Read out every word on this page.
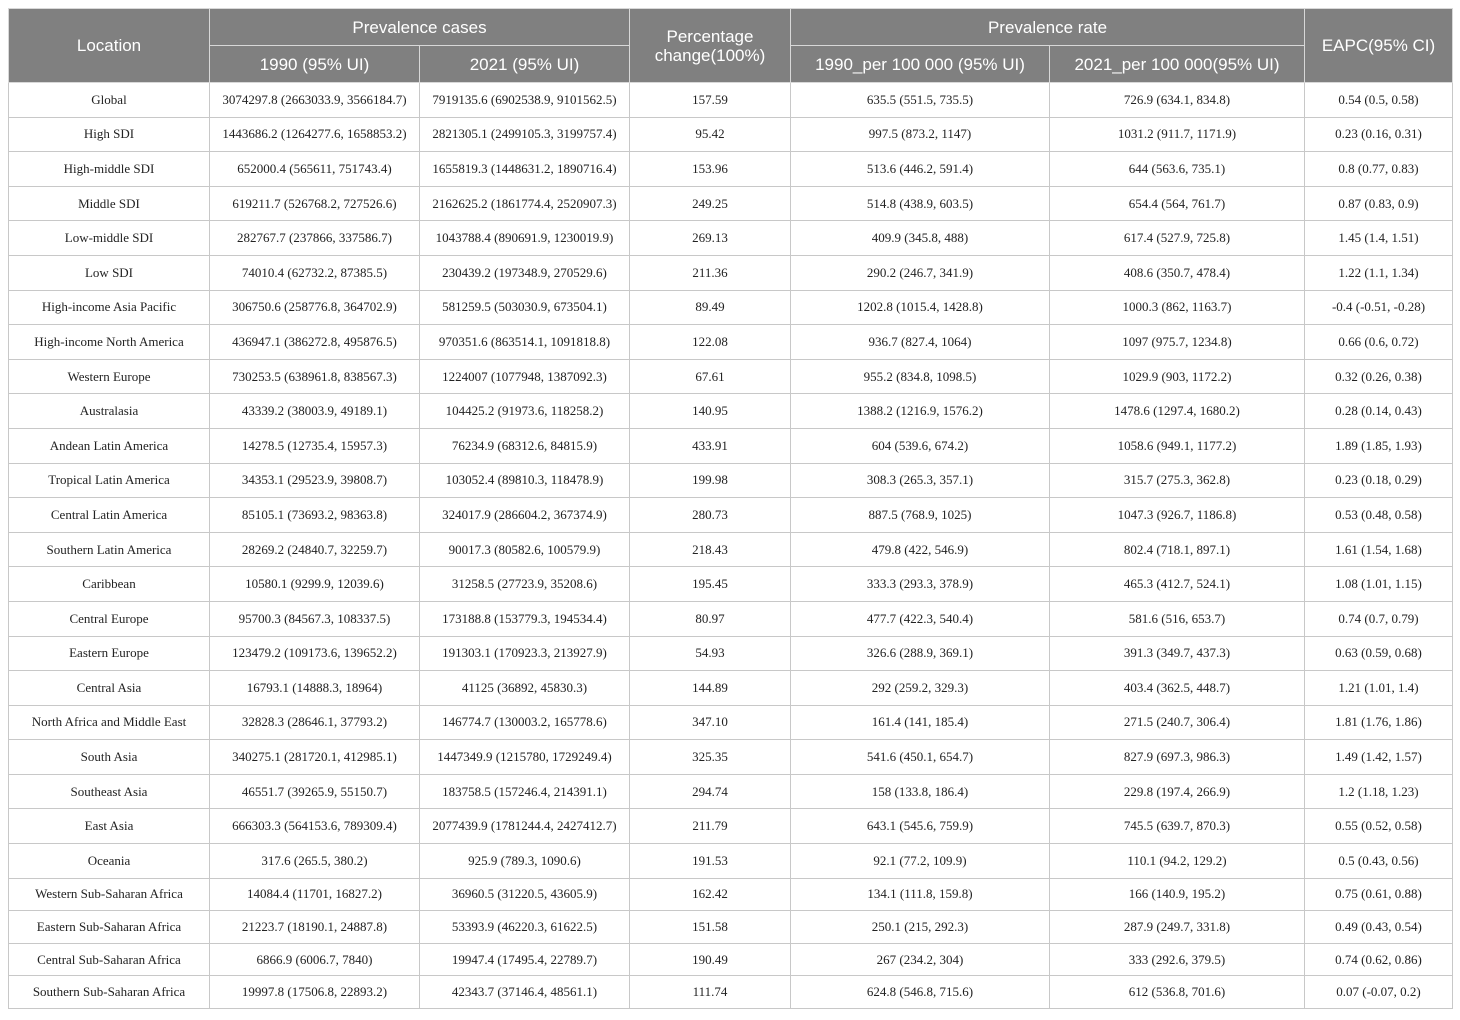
Location	Prevalence cases		Percentage change(100%)	Prevalence rate		EAPC(95% CI)
	1990 (95% UI)	2021 (95% UI)		1990_per 100 000 (95% UI)	2021_per 100 000(95% UI)	
Global	3074297.8 (2663033.9, 3566184.7)	7919135.6 (6902538.9, 9101562.5)	157.59	635.5 (551.5, 735.5)	726.9 (634.1, 834.8)	0.54 (0.5, 0.58)
High SDI	1443686.2 (1264277.6, 1658853.2)	2821305.1 (2499105.3, 3199757.4)	95.42	997.5 (873.2, 1147)	1031.2 (911.7, 1171.9)	0.23 (0.16, 0.31)
High-middle SDI	652000.4 (565611, 751743.4)	1655819.3 (1448631.2, 1890716.4)	153.96	513.6 (446.2, 591.4)	644 (563.6, 735.1)	0.8 (0.77, 0.83)
Middle SDI	619211.7 (526768.2, 727526.6)	2162625.2 (1861774.4, 2520907.3)	249.25	514.8 (438.9, 603.5)	654.4 (564, 761.7)	0.87 (0.83, 0.9)
Low-middle SDI	282767.7 (237866, 337586.7)	1043788.4 (890691.9, 1230019.9)	269.13	409.9 (345.8, 488)	617.4 (527.9, 725.8)	1.45 (1.4, 1.51)
Low SDI	74010.4 (62732.2, 87385.5)	230439.2 (197348.9, 270529.6)	211.36	290.2 (246.7, 341.9)	408.6 (350.7, 478.4)	1.22 (1.1, 1.34)
High-income Asia Pacific	306750.6 (258776.8, 364702.9)	581259.5 (503030.9, 673504.1)	89.49	1202.8 (1015.4, 1428.8)	1000.3 (862, 1163.7)	-0.4 (-0.51, -0.28)
High-income North America	436947.1 (386272.8, 495876.5)	970351.6 (863514.1, 1091818.8)	122.08	936.7 (827.4, 1064)	1097 (975.7, 1234.8)	0.66 (0.6, 0.72)
Western Europe	730253.5 (638961.8, 838567.3)	1224007 (1077948, 1387092.3)	67.61	955.2 (834.8, 1098.5)	1029.9 (903, 1172.2)	0.32 (0.26, 0.38)
Australasia	43339.2 (38003.9, 49189.1)	104425.2 (91973.6, 118258.2)	140.95	1388.2 (1216.9, 1576.2)	1478.6 (1297.4, 1680.2)	0.28 (0.14, 0.43)
Andean Latin America	14278.5 (12735.4, 15957.3)	76234.9 (68312.6, 84815.9)	433.91	604 (539.6, 674.2)	1058.6 (949.1, 1177.2)	1.89 (1.85, 1.93)
Tropical Latin America	34353.1 (29523.9, 39808.7)	103052.4 (89810.3, 118478.9)	199.98	308.3 (265.3, 357.1)	315.7 (275.3, 362.8)	0.23 (0.18, 0.29)
Central Latin America	85105.1 (73693.2, 98363.8)	324017.9 (286604.2, 367374.9)	280.73	887.5 (768.9, 1025)	1047.3 (926.7, 1186.8)	0.53 (0.48, 0.58)
Southern Latin America	28269.2 (24840.7, 32259.7)	90017.3 (80582.6, 100579.9)	218.43	479.8 (422, 546.9)	802.4 (718.1, 897.1)	1.61 (1.54, 1.68)
Caribbean	10580.1 (9299.9, 12039.6)	31258.5 (27723.9, 35208.6)	195.45	333.3 (293.3, 378.9)	465.3 (412.7, 524.1)	1.08 (1.01, 1.15)
Central Europe	95700.3 (84567.3, 108337.5)	173188.8 (153779.3, 194534.4)	80.97	477.7 (422.3, 540.4)	581.6 (516, 653.7)	0.74 (0.7, 0.79)
Eastern Europe	123479.2 (109173.6, 139652.2)	191303.1 (170923.3, 213927.9)	54.93	326.6 (288.9, 369.1)	391.3 (349.7, 437.3)	0.63 (0.59, 0.68)
Central Asia	16793.1 (14888.3, 18964)	41125 (36892, 45830.3)	144.89	292 (259.2, 329.3)	403.4 (362.5, 448.7)	1.21 (1.01, 1.4)
North Africa and Middle East	32828.3 (28646.1, 37793.2)	146774.7 (130003.2, 165778.6)	347.10	161.4 (141, 185.4)	271.5 (240.7, 306.4)	1.81 (1.76, 1.86)
South Asia	340275.1 (281720.1, 412985.1)	1447349.9 (1215780, 1729249.4)	325.35	541.6 (450.1, 654.7)	827.9 (697.3, 986.3)	1.49 (1.42, 1.57)
Southeast Asia	46551.7 (39265.9, 55150.7)	183758.5 (157246.4, 214391.1)	294.74	158 (133.8, 186.4)	229.8 (197.4, 266.9)	1.2 (1.18, 1.23)
East Asia	666303.3 (564153.6, 789309.4)	2077439.9 (1781244.4, 2427412.7)	211.79	643.1 (545.6, 759.9)	745.5 (639.7, 870.3)	0.55 (0.52, 0.58)
Oceania	317.6 (265.5, 380.2)	925.9 (789.3, 1090.6)	191.53	92.1 (77.2, 109.9)	110.1 (94.2, 129.2)	0.5 (0.43, 0.56)
Western Sub-Saharan Africa	14084.4 (11701, 16827.2)	36960.5 (31220.5, 43605.9)	162.42	134.1 (111.8, 159.8)	166 (140.9, 195.2)	0.75 (0.61, 0.88)
Eastern Sub-Saharan Africa	21223.7 (18190.1, 24887.8)	53393.9 (46220.3, 61622.5)	151.58	250.1 (215, 292.3)	287.9 (249.7, 331.8)	0.49 (0.43, 0.54)
Central Sub-Saharan Africa	6866.9 (6006.7, 7840)	19947.4 (17495.4, 22789.7)	190.49	267 (234.2, 304)	333 (292.6, 379.5)	0.74 (0.62, 0.86)
Southern Sub-Saharan Africa	19997.8 (17506.8, 22893.2)	42343.7 (37146.4, 48561.1)	111.74	624.8 (546.8, 715.6)	612 (536.8, 701.6)	0.07 (-0.07, 0.2)
